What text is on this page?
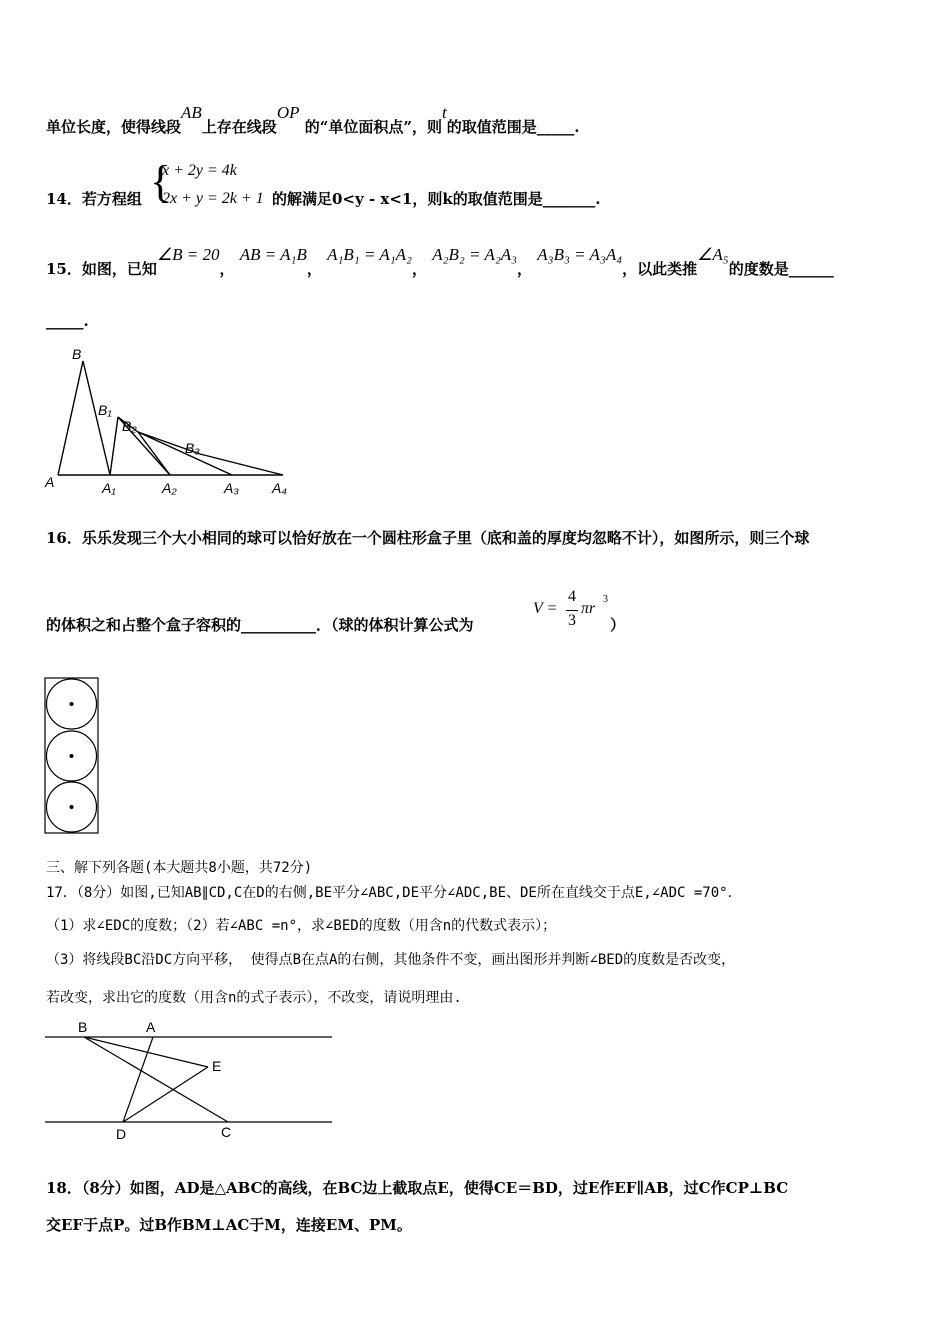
单位长度，使得线段AB上存在线段OP 的“单位面积点”，则t的取值范围是_____.
14．若方程组 {
x + 2y = 4k
2x + y = 2k + 1 的解满足0<y - x<1，则k的取值范围是_______.
15．如图，已知∠B = 20， AB = A₁B， A₁B₁ = A₁A₂， A₂B₂ = A₂A₃， A₃B₃ = A₃A₄，以此类推∠A₅的度数是______
_____.
B
B₁
B₂
B₃
A	A₁	A₂	A₃ A₄
16．乐乐发现三个大小相同的球可以恰好放在一个圆柱形盒子里（底和盖的厚度均忽略不计），如图所示，则三个球
的体积之和占整个盒子容积的__________．（球的体积计算公式为
V =
4
3
πr
3
）
三、解下列各题(本大题共8小题，共72分)
17．（8分）如图,已知AB∥CD,C在D的右侧,BE平分∠ABC,DE平分∠ADC,BE、DE所在直线交于点E,∠ADC =70°．
（1）求∠EDC的度数；（2）若∠ABC =n°，求∠BED的度数（用含n的代数式表示）；
（3）将线段BC沿DC方向平移， 使得点B在点A的右侧，其他条件不变，画出图形并判断∠BED的度数是否改变，
若改变，求出它的度数（用含n的式子表示），不改变，请说明理由.
B	A
E
D	C
18．（8分）如图，AD是△ABC的高线，在BC边上截取点E，使得CE＝BD，过E作EF∥AB，过C作CP⊥BC
交EF于点P。过B作BM⊥AC于M，连接EM、PM。
